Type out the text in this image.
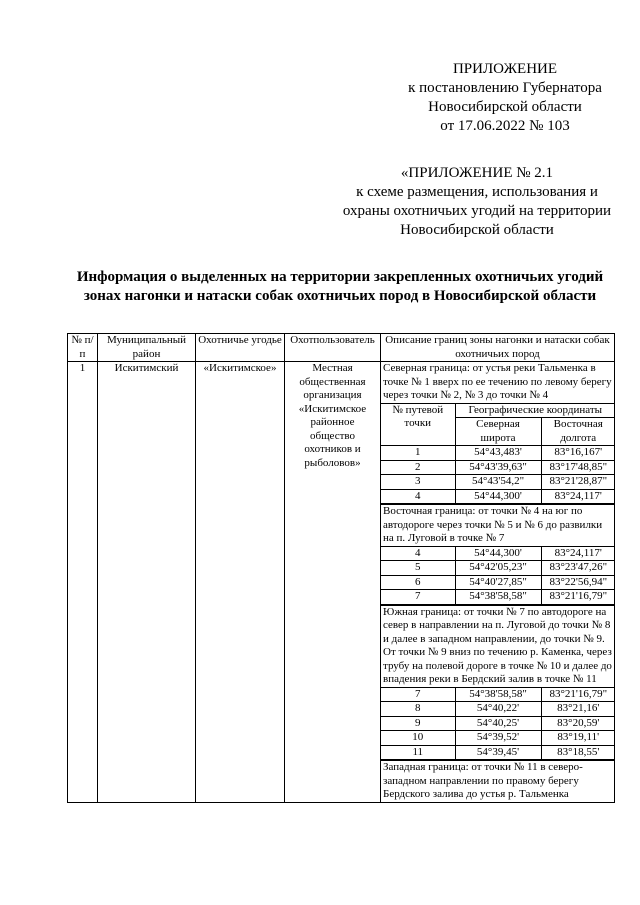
ПРИЛОЖЕНИЕ
к постановлению Губернатора
Новосибирской области
от 17.06.2022 № 103
«ПРИЛОЖЕНИЕ № 2.1
к схеме размещения, использования и
охраны охотничьих угодий на территории
Новосибирской области
Информация о выделенных на территории закрепленных охотничьих угодий
зонах нагонки и натаски собак охотничьих пород в Новосибирской области
№ п/п	Муниципальный район	Охотничье угодье	Охотпользователь	Описание границ зоны нагонки и натаски собак охотничьих пород
1	Искитимский	«Искитимское»	Местная общественная организация «Искитимское районное общество охотников и рыболовов»	
Северная граница: от устья реки Тальменка в точке № 1 вверх по ее течению по левому берегу через точки № 2, № 3 до точки № 4
№ путевой точки	Географические координаты
Северная широта	Восточная долгота
1	54°43,483'	83°16,167'
2	54°43'39,63"	83°17'48,85"
3	54°43'54,2"	83°21'28,87"
4	54°44,300'	83°24,117'
Восточная граница: от точки № 4 на юг по автодороге через точки № 5 и № 6 до развилки на п. Луговой в точке № 7
4	54°44,300'	83°24,117'
5	54°42'05,23"	83°23'47,26"
6	54°40'27,85"	83°22'56,94"
7	54°38'58,58"	83°21'16,79"
Южная граница: от точки № 7 по автодороге на север в направлении на п. Луговой до точки № 8 и далее в западном направлении, до точки № 9. От точки № 9 вниз по течению р. Каменка, через трубу на полевой дороге в точке № 10 и далее до впадения реки в Бердский залив в точке № 11
7	54°38'58,58"	83°21'16,79"
8	54°40,22'	83°21,16'
9	54°40,25'	83°20,59'
10	54°39,52'	83°19,11'
11	54°39,45'	83°18,55'
Западная граница: от точки № 11 в северо-западном направлении по правому берегу Бердского залива до устья р. Тальменка
